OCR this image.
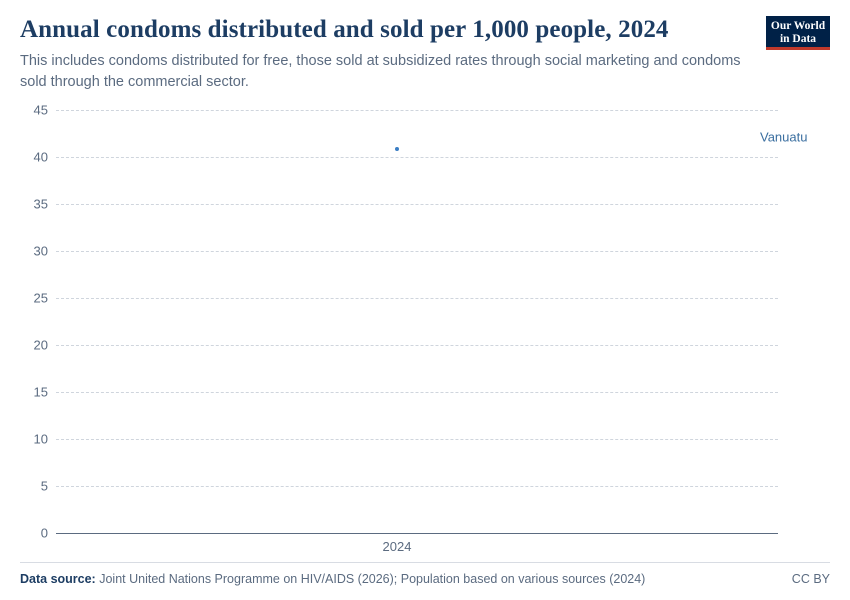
Annual condoms distributed and sold per 1,000 people, 2024

This includes condoms distributed for free, those sold at subsidized rates through social marketing and condoms sold through the commercial sector.

Our World
in Data
45
40
35
30
25
20
15
10
5
0
2024
Vanuatu
Data source: Joint United Nations Programme on HIV/AIDS (2026); Population based on various sources (2024)	CC BY
